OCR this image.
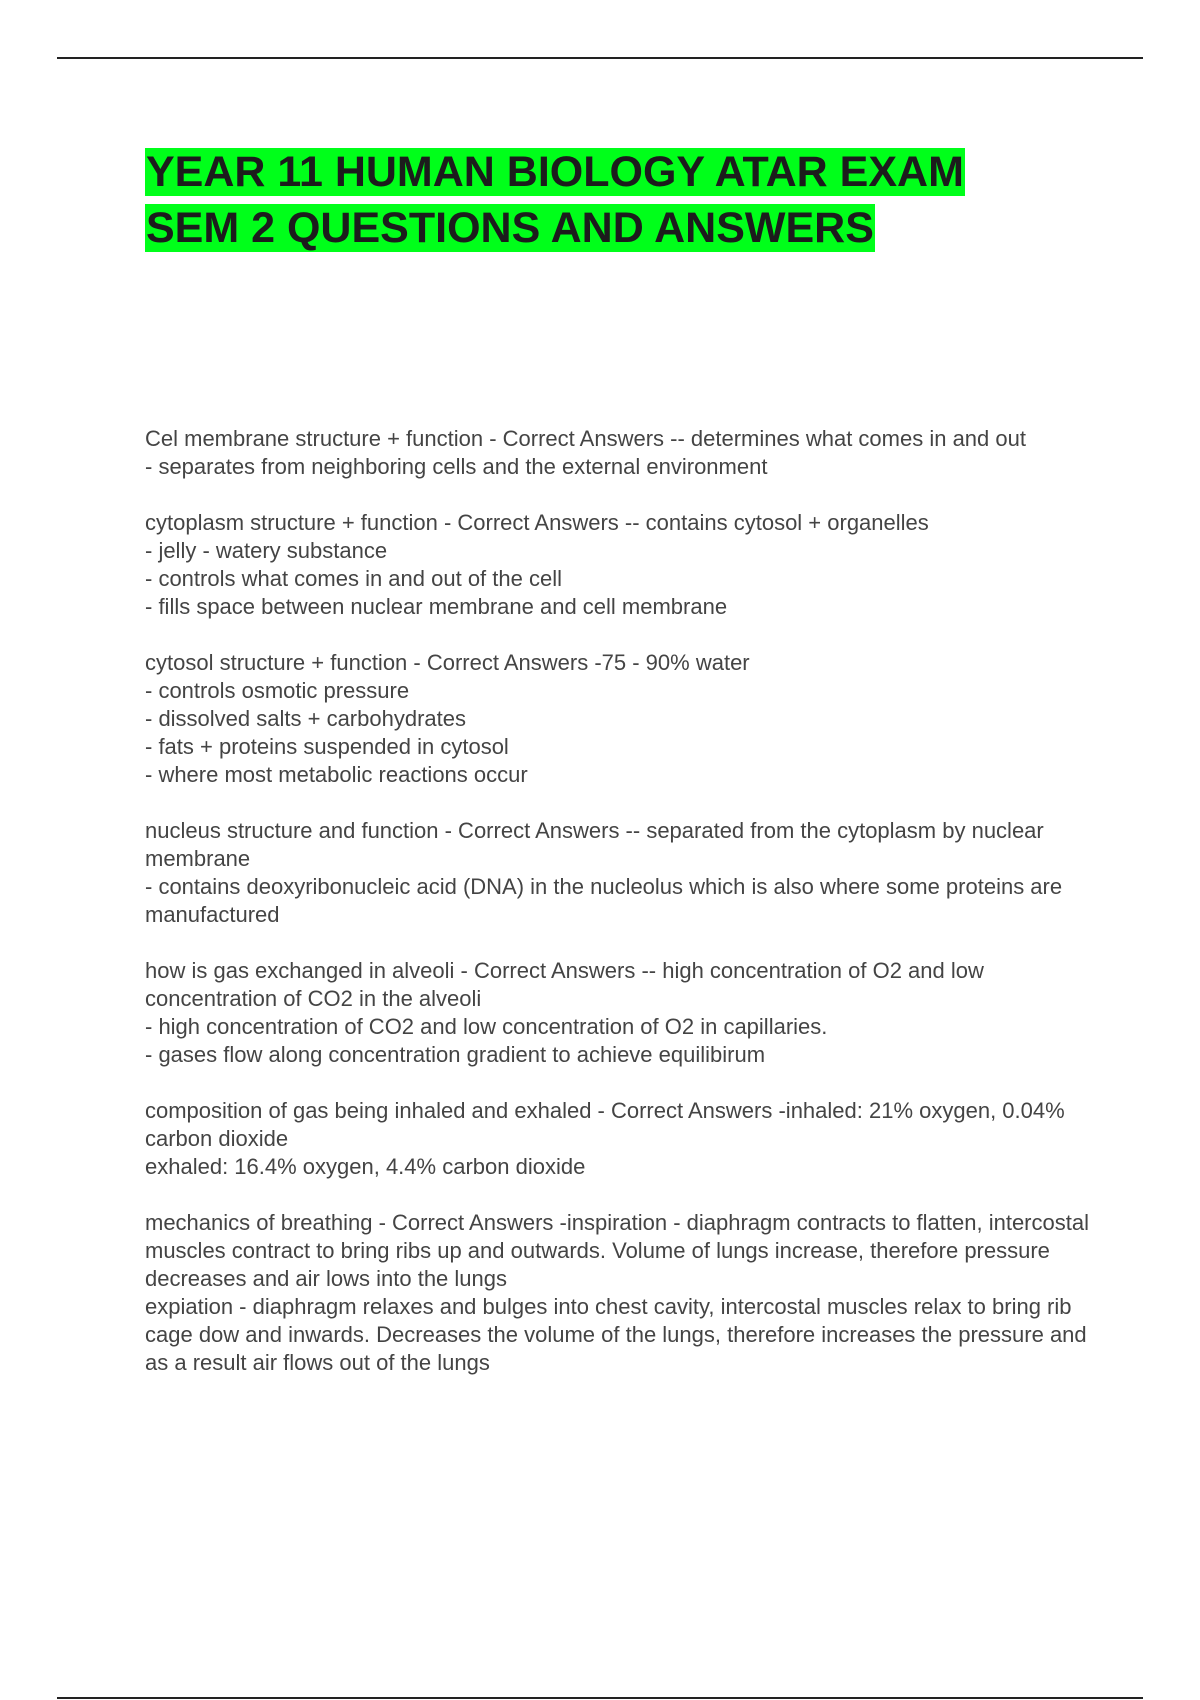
YEAR 11 HUMAN BIOLOGY ATAR EXAM
SEM 2 QUESTIONS AND ANSWERS
Cel membrane structure + function - Correct Answers -- determines what comes in and out
- separates from neighboring cells and the external environment
cytoplasm structure + function - Correct Answers -- contains cytosol + organelles
- jelly - watery substance
- controls what comes in and out of the cell
- fills space between nuclear membrane and cell membrane
cytosol structure + function - Correct Answers -75 - 90% water
- controls osmotic pressure
- dissolved salts + carbohydrates
- fats + proteins suspended in cytosol
- where most metabolic reactions occur
nucleus structure and function - Correct Answers -- separated from the cytoplasm by nuclear membrane
- contains deoxyribonucleic acid (DNA) in the nucleolus which is also where some proteins are manufactured
how is gas exchanged in alveoli - Correct Answers -- high concentration of O2 and low concentration of CO2 in the alveoli
- high concentration of CO2 and low concentration of O2 in capillaries.
- gases flow along concentration gradient to achieve equilibirum
composition of gas being inhaled and exhaled - Correct Answers -inhaled: 21% oxygen, 0.04% carbon dioxide
exhaled: 16.4% oxygen, 4.4% carbon dioxide
mechanics of breathing - Correct Answers -inspiration - diaphragm contracts to flatten, intercostal muscles contract to bring ribs up and outwards. Volume of lungs increase, therefore pressure decreases and air lows into the lungs
expiation - diaphragm relaxes and bulges into chest cavity, intercostal muscles relax to bring rib cage dow and inwards. Decreases the volume of the lungs, therefore increases the pressure and as a result air flows out of the lungs
